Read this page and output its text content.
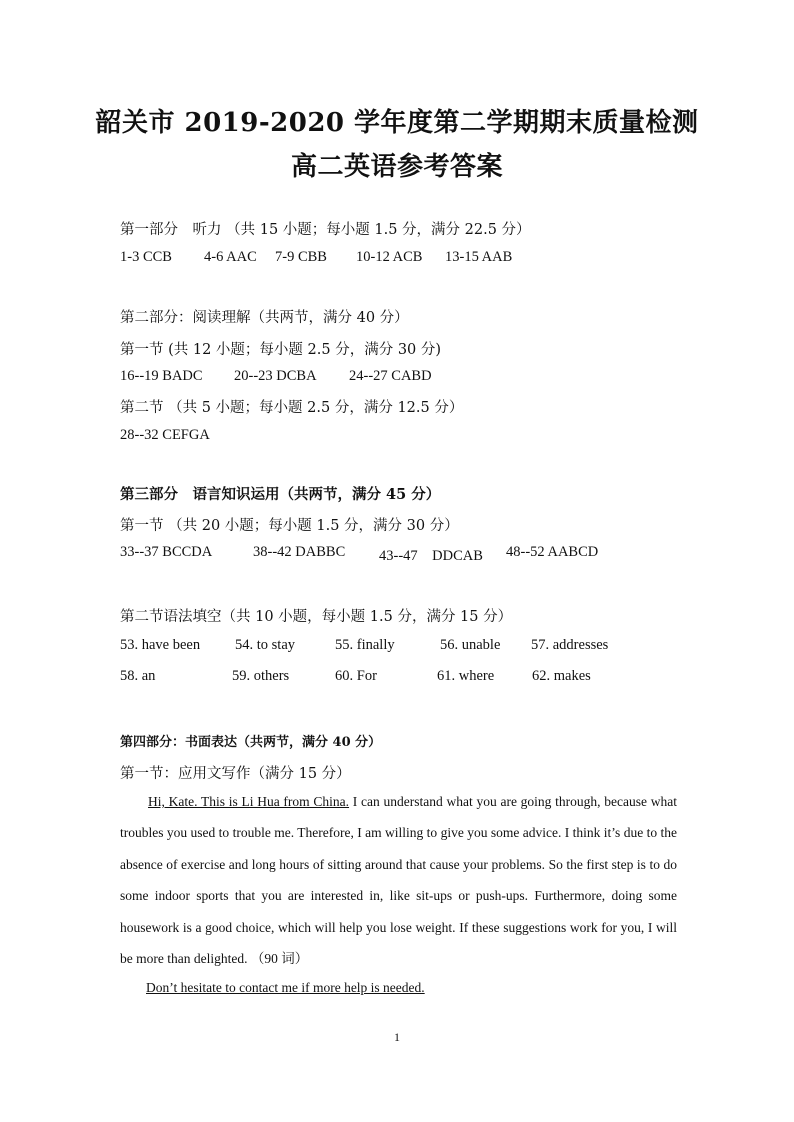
韶关市 2019-2020 学年度第二学期期末质量检测
高二英语参考答案
第一部分　听力 （共 15 小题；每小题 1.5 分，满分 22.5 分）
1-3 CCB	4-6 AAC	7-9 CBB	10-12 ACB	13-15 AAB
第二部分：阅读理解（共两节，满分 40 分）
第一节 (共 12 小题；每小题 2.5 分，满分 30 分)
16--19 BADC	20--23 DCBA	24--27 CABD
第二节 （共 5 小题；每小题 2.5 分，满分 12.5 分）
28--32 CEFGA
第三部分　语言知识运用（共两节，满分 45 分）
第一节 （共 20 小题；每小题 1.5 分，满分 30 分）
33--37 BCCDA	38--42 DABBC	43--47　DDCAB	48--52 AABCD
第二节语法填空（共 10 小题，每小题 1.5 分，满分 15 分）
53. have been	54. to stay	55. finally	56. unable	57. addresses
58. an	59. others	60. For	61. where	62. makes
第四部分：书面表达（共两节，满分 40 分）
第一节：应用文写作（满分 15 分）
Hi, Kate. This is Li Hua from China. I can understand what you are going through, because what troubles you used to trouble me. Therefore, I am willing to give you some advice. I think it’s due to the absence of exercise and long hours of sitting around that cause your problems. So the first step is to do some indoor sports that you are interested in, like sit-ups or push-ups. Furthermore, doing some housework is a good choice, which will help you lose weight. If these suggestions work for you, I will be more than delighted. （90 词）
Don’t hesitate to contact me if more help is needed.
1
